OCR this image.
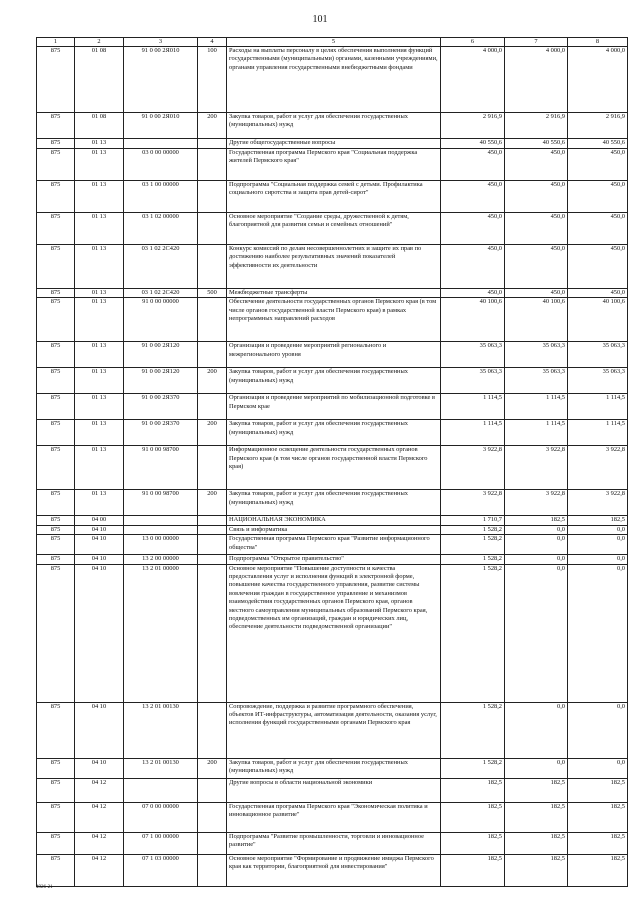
101
1	2	3	4	5	6	7	8
875	01 08	91 0 00 2Я010	100	Расходы на выплаты персоналу в целях обеспечения выполнения функций государственными (муниципальными) органами, казенными учреждениями, органами управления государственными внебюджетными фондами	4 000,0	4 000,0	4 000,0
875	01 08	91 0 00 2Я010	200	Закупка товаров, работ и услуг для обеспечения государственных (муниципальных) нужд	2 916,9	2 916,9	2 916,9
875	01 13			Другие общегосударственные вопросы	40 550,6	40 550,6	40 550,6
875	01 13	03 0 00 00000		Государственная программа Пермского края "Социальная поддержка жителей Пермского края"	450,0	450,0	450,0
875	01 13	03 1 00 00000		Подпрограмма "Социальная поддержка семей с детьми. Профилактика социального сиротства и защита прав детей-сирот"	450,0	450,0	450,0
875	01 13	03 1 02 00000		Основное мероприятие "Создание среды, дружественной к детям, благоприятной для развития семьи и семейных отношений"	450,0	450,0	450,0
875	01 13	03 1 02 2С420		Конкурс комиссий по делам несовершеннолетних и защите их прав по достижению наиболее результативных значений показателей эффективности их деятельности	450,0	450,0	450,0
875	01 13	03 1 02 2С420	500	Межбюджетные трансферты	450,0	450,0	450,0
875	01 13	91 0 00 00000		Обеспечение деятельности государственных органов Пермского края (в том числе органов государственной власти Пермского края) в рамках непрограммных направлений расходов	40 100,6	40 100,6	40 100,6
875	01 13	91 0 00 2Я120		Организация и проведение мероприятий регионального и межрегионального уровня	35 063,3	35 063,3	35 063,3
875	01 13	91 0 00 2Я120	200	Закупка товаров, работ и услуг для обеспечения государственных (муниципальных) нужд	35 063,3	35 063,3	35 063,3
875	01 13	91 0 00 2Я370		Организация и проведение мероприятий по мобилизационной подготовке в Пермском крае	1 114,5	1 114,5	1 114,5
875	01 13	91 0 00 2Я370	200	Закупка товаров, работ и услуг для обеспечения государственных (муниципальных) нужд	1 114,5	1 114,5	1 114,5
875	01 13	91 0 00 98700		Информационное освещение деятельности государственных органов Пермского края (в том числе органов государственной власти Пермского края)	3 922,8	3 922,8	3 922,8
875	01 13	91 0 00 98700	200	Закупка товаров, работ и услуг для обеспечения государственных (муниципальных) нужд	3 922,8	3 922,8	3 922,8
875	04 00			НАЦИОНАЛЬНАЯ ЭКОНОМИКА	1 710,7	182,5	182,5
875	04 10			Связь и информатика	1 528,2	0,0	0,0
875	04 10	13 0 00 00000		Государственная программа Пермского края "Развитие информационного общества"	1 528,2	0,0	0,0
875	04 10	13 2 00 00000		Подпрограмма "Открытое правительство"	1 528,2	0,0	0,0
875	04 10	13 2 01 00000		Основное мероприятие "Повышение доступности и качества предоставления услуг и исполнения функций в электронной форме, повышение качества государственного управления, развитие системы вовлечения граждан в государственное управление и механизмов взаимодействия государственных органов Пермского края, органов местного самоуправления муниципальных образований Пермского края, подведомственных им организаций, граждан и юридических лиц, обеспечение деятельности подведомственной организации"	1 528,2	0,0	0,0
875	04 10	13 2 01 00130		Сопровождение, поддержка и развитие программного обеспечения, объектов ИТ-инфраструктуры, автоматизация деятельности, оказания услуг, исполнения функций государственными органами Пермского края	1 528,2	0,0	0,0
875	04 10	13 2 01 00130	200	Закупка товаров, работ и услуг для обеспечения государственных (муниципальных) нужд	1 528,2	0,0	0,0
875	04 12			Другие вопросы в области национальной экономики	182,5	182,5	182,5
875	04 12	07 0 00 00000		Государственная программа Пермского края "Экономическая политика и инновационное развитие"	182,5	182,5	182,5
875	04 12	07 1 00 00000		Подпрограмма "Развитие промышленности, торговли и инновационное развитие"	182,5	182,5	182,5
875	04 12	07 1 03 00000		Основное мероприятие "Формирование и продвижение имиджа Пермского края как территории, благоприятной для инвестирования"	182,5	182,5	182,5
4926-21
